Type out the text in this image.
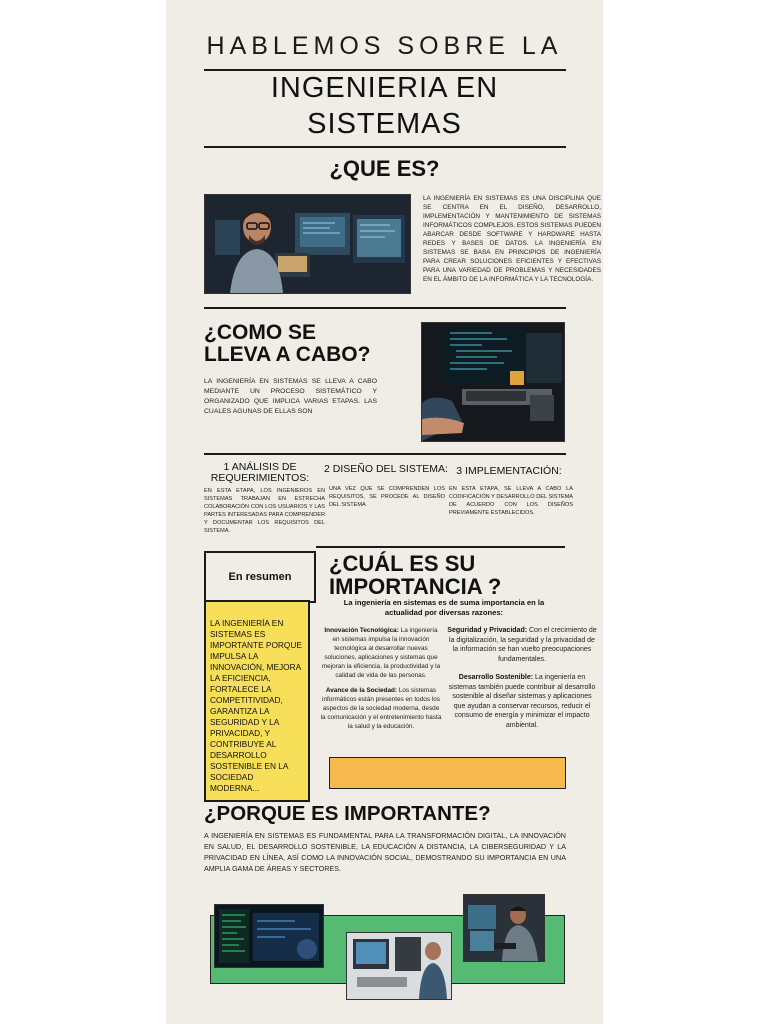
HABLEMOS SOBRE LA
INGENIERIA EN
SISTEMAS
¿QUE ES?
LA INGENIERÍA EN SISTEMAS ES UNA DISCIPLINA QUE SE CENTRA EN EL DISEÑO, DESARROLLO, IMPLEMENTACIÓN Y MANTENIMIENTO DE SISTEMAS INFORMÁTICOS COMPLEJOS. ESTOS SISTEMAS PUEDEN ABARCAR DESDE SOFTWARE Y HARDWARE HASTA REDES Y BASES DE DATOS. LA INGENIERÍA EN SISTEMAS SE BASA EN PRINCIPIOS DE INGENIERÍA PARA CREAR SOLUCIONES EFICIENTES Y EFECTIVAS PARA UNA VARIEDAD DE PROBLEMAS Y NECESIDADES EN EL ÁMBITO DE LA INFORMÁTICA Y LA TECNOLOGÍA.
¿COMO SE
LLEVA A CABO?
LA INGENIERÍA EN SISTEMAS SE LLEVA A CABO MEDIANTE UN PROCESO SISTEMÁTICO Y ORGANIZADO QUE IMPLICA VARIAS ETAPAS. LAS CUALES AGUNAS DE ELLAS SON
1 ANÁLISIS DE REQUERIMIENTOS:
EN ESTA ETAPA, LOS INGENIEROS EN SISTEMAS TRABAJAN EN ESTRECHA COLABORACIÓN CON LOS USUARIOS Y LAS PARTES INTERESADAS PARA COMPRENDER Y DOCUMENTAR LOS REQUISITOS DEL SISTEMA.
2 DISEÑO DEL SISTEMA:
UNA VEZ QUE SE COMPRENDEN LOS REQUISITOS, SE PROCEDE AL DISEÑO DEL SISTEMA
3 IMPLEMENTACIÓN:
EN ESTA ETAPA, SE LLEVA A CABO LA CODIFICACIÓN Y DESARROLLO DEL SISTEMA DE ACUERDO CON LOS DISEÑOS PREVIAMENTE ESTABLECIDOS.
En resumen
LA INGENIERÍA EN SISTEMAS ES IMPORTANTE PORQUE IMPULSA LA INNOVACIÓN, MEJORA LA EFICIENCIA, FORTALECE LA COMPETITIVIDAD, GARANTIZA LA SEGURIDAD Y LA PRIVACIDAD, Y CONTRIBUYE AL DESARROLLO SOSTENIBLE EN LA SOCIEDAD MODERNA...
¿CUÁL ES SU
IMPORTANCIA ?
La ingeniería en sistemas es de suma importancia en la actualidad por diversas razones:
Innovación Tecnológica: La ingeniería en sistemas impulsa la innovación tecnológica al desarrollar nuevas soluciones, aplicaciones y sistemas que mejoran la eficiencia, la productividad y la calidad de vida de las personas.
Avance de la Sociedad: Los sistemas informáticos están presentes en todos los aspectos de la sociedad moderna, desde la comunicación y el entretenimiento hasta la salud y la educación.
Seguridad y Privacidad: Con el crecimiento de la digitalización, la seguridad y la privacidad de la información se han vuelto preocupaciones fundamentales.
Desarrollo Sostenible: La ingeniería en sistemas también puede contribuir al desarrollo sostenible al diseñar sistemas y aplicaciones que ayudan a conservar recursos, reducir el consumo de energía y minimizar el impacto ambiental.
¿PORQUE ES IMPORTANTE?
A INGENIERÍA EN SISTEMAS ES FUNDAMENTAL PARA LA TRANSFORMACIÓN DIGITAL, LA INNOVACIÓN EN SALUD, EL DESARROLLO SOSTENIBLE, LA EDUCACIÓN A DISTANCIA, LA CIBERSEGURIDAD Y LA PRIVACIDAD EN LÍNEA, ASÍ COMO LA INNOVACIÓN SOCIAL, DEMOSTRANDO SU IMPORTANCIA EN UNA AMPLIA GAMA DE ÁREAS Y SECTORES.
